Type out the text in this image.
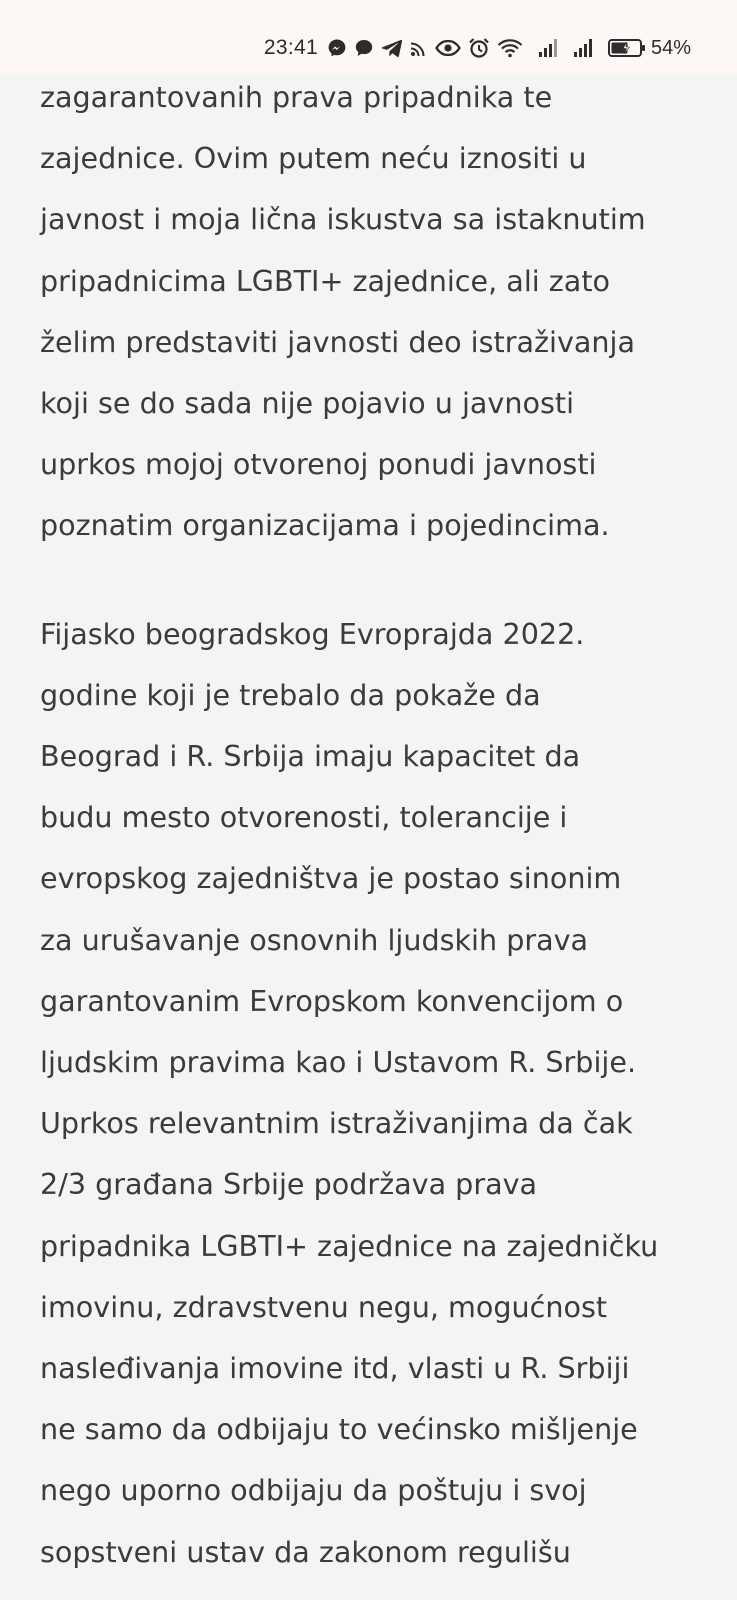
23:41	54%

zagarantovanih prava pripadnika te
zajednice. Ovim putem neću iznositi u
javnost i moja lična iskustva sa istaknutim
pripadnicima LGBTI+ zajednice, ali zato
želim predstaviti javnosti deo istraživanja
koji se do sada nije pojavio u javnosti
uprkos mojoj otvorenoj ponudi javnosti
poznatim organizacijama i pojedincima.

Fijasko beogradskog Evroprajda 2022.
godine koji je trebalo da pokaže da
Beograd i R. Srbija imaju kapacitet da
budu mesto otvorenosti, tolerancije i
evropskog zajedništva je postao sinonim
za urušavanje osnovnih ljudskih prava
garantovanim Evropskom konvencijom o
ljudskim pravima kao i Ustavom R. Srbije.
Uprkos relevantnim istraživanjima da čak
2/3 građana Srbije podržava prava
pripadnika LGBTI+ zajednice na zajedničku
imovinu, zdravstvenu negu, mogućnost
nasleđivanja imovine itd, vlasti u R. Srbiji
ne samo da odbijaju to većinsko mišljenje
nego uporno odbijaju da poštuju i svoj
sopstveni ustav da zakonom regulišu
